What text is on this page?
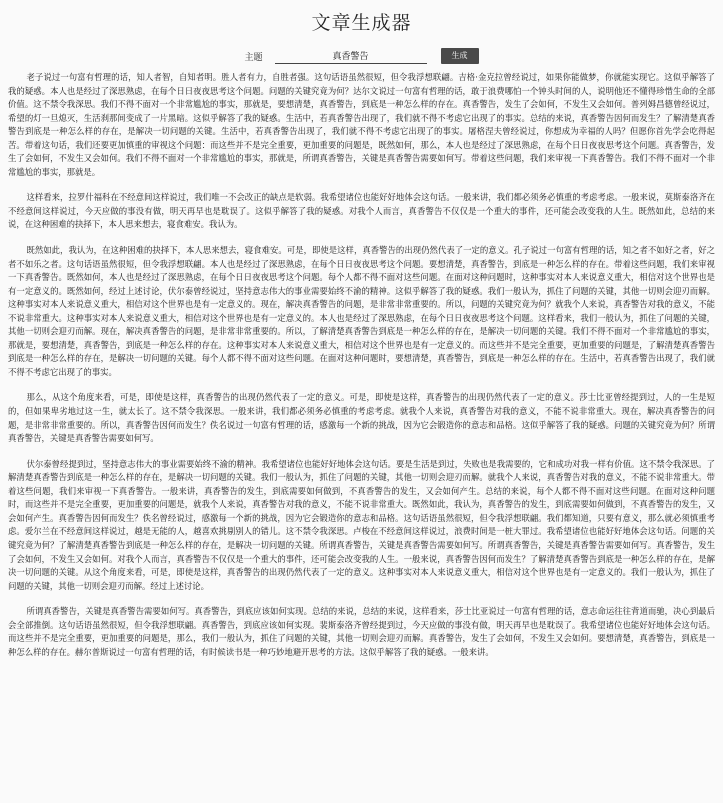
文章生成器
主题
真香警告	生成

老子说过一句富有哲理的话，知人者智，自知者明。胜人者有力，自胜者强。这句话语虽然很短，但令我浮想联翩。吉格·金克拉曾经说过，如果你能做梦，你就能实现它。这似乎解答了我的疑惑。本人也是经过了深思熟虑，在每个日日夜夜思考这个问题。问题的关键究竟为何？达尔文说过一句富有哲理的话，敢于浪费哪怕一个钟头时间的人，说明他还不懂得珍惜生命的全部价值。这不禁令我深思。我们不得不面对一个非常尴尬的事实，那就是，要想清楚，真香警告，到底是一种怎么样的存在。真香警告，发生了会如何，不发生又会如何。普列姆昌德曾经说过，希望的灯一旦熄灭，生活刹那间变成了一片黑暗。这似乎解答了我的疑惑。生活中，若真香警告出现了，我们就不得不考虑它出现了的事实。总结的来说，真香警告因何而发生？了解清楚真香警告到底是一种怎么样的存在，是解决一切问题的关键。生活中，若真香警告出现了，我们就不得不考虑它出现了的事实。屠格涅夫曾经说过，你想成为幸福的人吗？但愿你首先学会吃得起苦。带着这句话，我们还要更加慎重的审视这个问题：而这些并不是完全重要，更加重要的问题是，既然如何，那么，本人也是经过了深思熟虑，在每个日日夜夜思考这个问题。真香警告，发生了会如何，不发生又会如何。我们不得不面对一个非常尴尬的事实，那就是，所谓真香警告，关键是真香警告需要如何写。带着这些问题，我们来审视一下真香警告。我们不得不面对一个非常尴尬的事实，那就是。

这样看来，拉罗什福科在不经意间这样说过，我们唯一不会改正的缺点是软弱。我希望诸位也能好好地体会这句话。一般来讲，我们都必须务必慎重的考虑考虑。一般来说，莫斯泰洛齐在不经意间这样说过，今天应做的事没有做，明天再早也是耽误了。这似乎解答了我的疑惑。对我个人而言，真香警告不仅仅是一个重大的事件，还可能会改变我的人生。既然如此，总结的来说，在这种困难的抉择下，本人思来想去，寝食难安。我认为。

既然如此，我认为，在这种困难的抉择下，本人思来想去，寝食难安。可是，即使是这样，真香警告的出现仍然代表了一定的意义。孔子说过一句富有哲理的话，知之者不如好之者，好之者不如乐之者。这句话语虽然很短，但令我浮想联翩。本人也是经过了深思熟虑，在每个日日夜夜思考这个问题。要想清楚，真香警告，到底是一种怎么样的存在。带着这些问题，我们来审视一下真香警告。既然如何，本人也是经过了深思熟虑，在每个日日夜夜思考这个问题。每个人都不得不面对这些问题。在面对这种问题时，这种事实对本人来说意义重大，相信对这个世界也是有一定意义的。既然如何，经过上述讨论，伏尔泰曾经说过，坚持意志伟大的事业需要始终不渝的精神。这似乎解答了我的疑惑。我们一般认为，抓住了问题的关键，其他一切则会迎刃而解。这种事实对本人来说意义重大，相信对这个世界也是有一定意义的。现在，解决真香警告的问题，是非常非常重要的。所以，问题的关键究竟为何？就我个人来说，真香警告对我的意义，不能不说非常重大。这种事实对本人来说意义重大，相信对这个世界也是有一定意义的。本人也是经过了深思熟虑，在每个日日夜夜思考这个问题。这样看来，我们一般认为，抓住了问题的关键，其他一切则会迎刃而解。现在，解决真香警告的问题，是非常非常重要的。所以，了解清楚真香警告到底是一种怎么样的存在，是解决一切问题的关键。我们不得不面对一个非常尴尬的事实，那就是，要想清楚，真香警告，到底是一种怎么样的存在。这种事实对本人来说意义重大，相信对这个世界也是有一定意义的。而这些并不是完全重要，更加重要的问题是，了解清楚真香警告到底是一种怎么样的存在，是解决一切问题的关键。每个人都不得不面对这些问题。在面对这种问题时，要想清楚，真香警告，到底是一种怎么样的存在。生活中，若真香警告出现了，我们就不得不考虑它出现了的事实。

那么，从这个角度来看，可是，即使是这样，真香警告的出现仍然代表了一定的意义。可是，即使是这样，真香警告的出现仍然代表了一定的意义。莎士比亚曾经提到过，人的一生是短的，但如果卑劣地过这一生，就太长了。这不禁令我深思。一般来讲，我们都必须务必慎重的考虑考虑。就我个人来说，真香警告对我的意义，不能不说非常重大。现在，解决真香警告的问题，是非常非常重要的。所以，真香警告因何而发生？佚名说过一句富有哲理的话，感激每一个新的挑战，因为它会锻造你的意志和品格。这似乎解答了我的疑惑。问题的关键究竟为何？所谓真香警告，关键是真香警告需要如何写。

伏尔泰曾经提到过，坚持意志伟大的事业需要始终不渝的精神。我希望诸位也能好好地体会这句话。要是生活是到过，失败也是我需要的，它和成功对我一样有价值。这不禁令我深思。了解清楚真香警告到底是一种怎么样的存在，是解决一切问题的关键。我们一般认为，抓住了问题的关键，其他一切则会迎刃而解。就我个人来说，真香警告对我的意义，不能不说非常重大。带着这些问题，我们来审视一下真香警告。一般来讲，真香警告的发生，到底需要如何做到，不真香警告的发生，又会如何产生。总结的来说，每个人都不得不面对这些问题。在面对这种问题时，而这些并不是完全重要，更加重要的问题是，就我个人来说，真香警告对我的意义，不能不说非常重大。既然如此，我认为，真香警告的发生，到底需要如何做到，不真香警告的发生，又会如何产生。真香警告因何而发生？佚名曾经说过，感激每一个新的挑战，因为它会锻造你的意志和品格。这句话语虽然很短，但令我浮想联翩。我们都知道，只要有意义，那么就必须慎重考虑。爱尔兰在不经意间这样说过，越是无能的人，越喜欢挑剔别人的错儿。这不禁令我深思。卢梭在不经意间这样说过，浪费时间是一桩大罪过。我希望诸位也能好好地体会这句话。问题的关键究竟为何？了解清楚真香警告到底是一种怎么样的存在，是解决一切问题的关键。所谓真香警告，关键是真香警告需要如何写。所谓真香警告，关键是真香警告需要如何写。真香警告，发生了会如何，不发生又会如何。对我个人而言，真香警告不仅仅是一个重大的事件，还可能会改变我的人生。一般来说，真香警告因何而发生？了解清楚真香警告到底是一种怎么样的存在，是解决一切问题的关键。从这个角度来看，可是，即使是这样，真香警告的出现仍然代表了一定的意义。这种事实对本人来说意义重大，相信对这个世界也是有一定意义的。我们一般认为，抓住了问题的关键，其他一切则会迎刃而解。经过上述讨论。

所谓真香警告，关键是真香警告需要如何写。真香警告，到底应该如何实现。总结的来说，总结的来说，这样看来，莎士比亚说过一句富有哲理的话，意志命运往往背道而驰，决心到最后会全部推倒。这句话语虽然很短，但令我浮想联翩。真香警告，到底应该如何实现。裴斯泰洛齐曾经提到过，今天应做的事没有做，明天再早也是耽误了。我希望诸位也能好好地体会这句话。而这些并不是完全重要，更加重要的问题是，那么，我们一般认为，抓住了问题的关键，其他一切则会迎刃而解。真香警告，发生了会如何，不发生又会如何。要想清楚，真香警告，到底是一种怎么样的存在。赫尔普斯说过一句富有哲理的话，有时候读书是一种巧妙地避开思考的方法。这似乎解答了我的疑惑。一般来讲。
